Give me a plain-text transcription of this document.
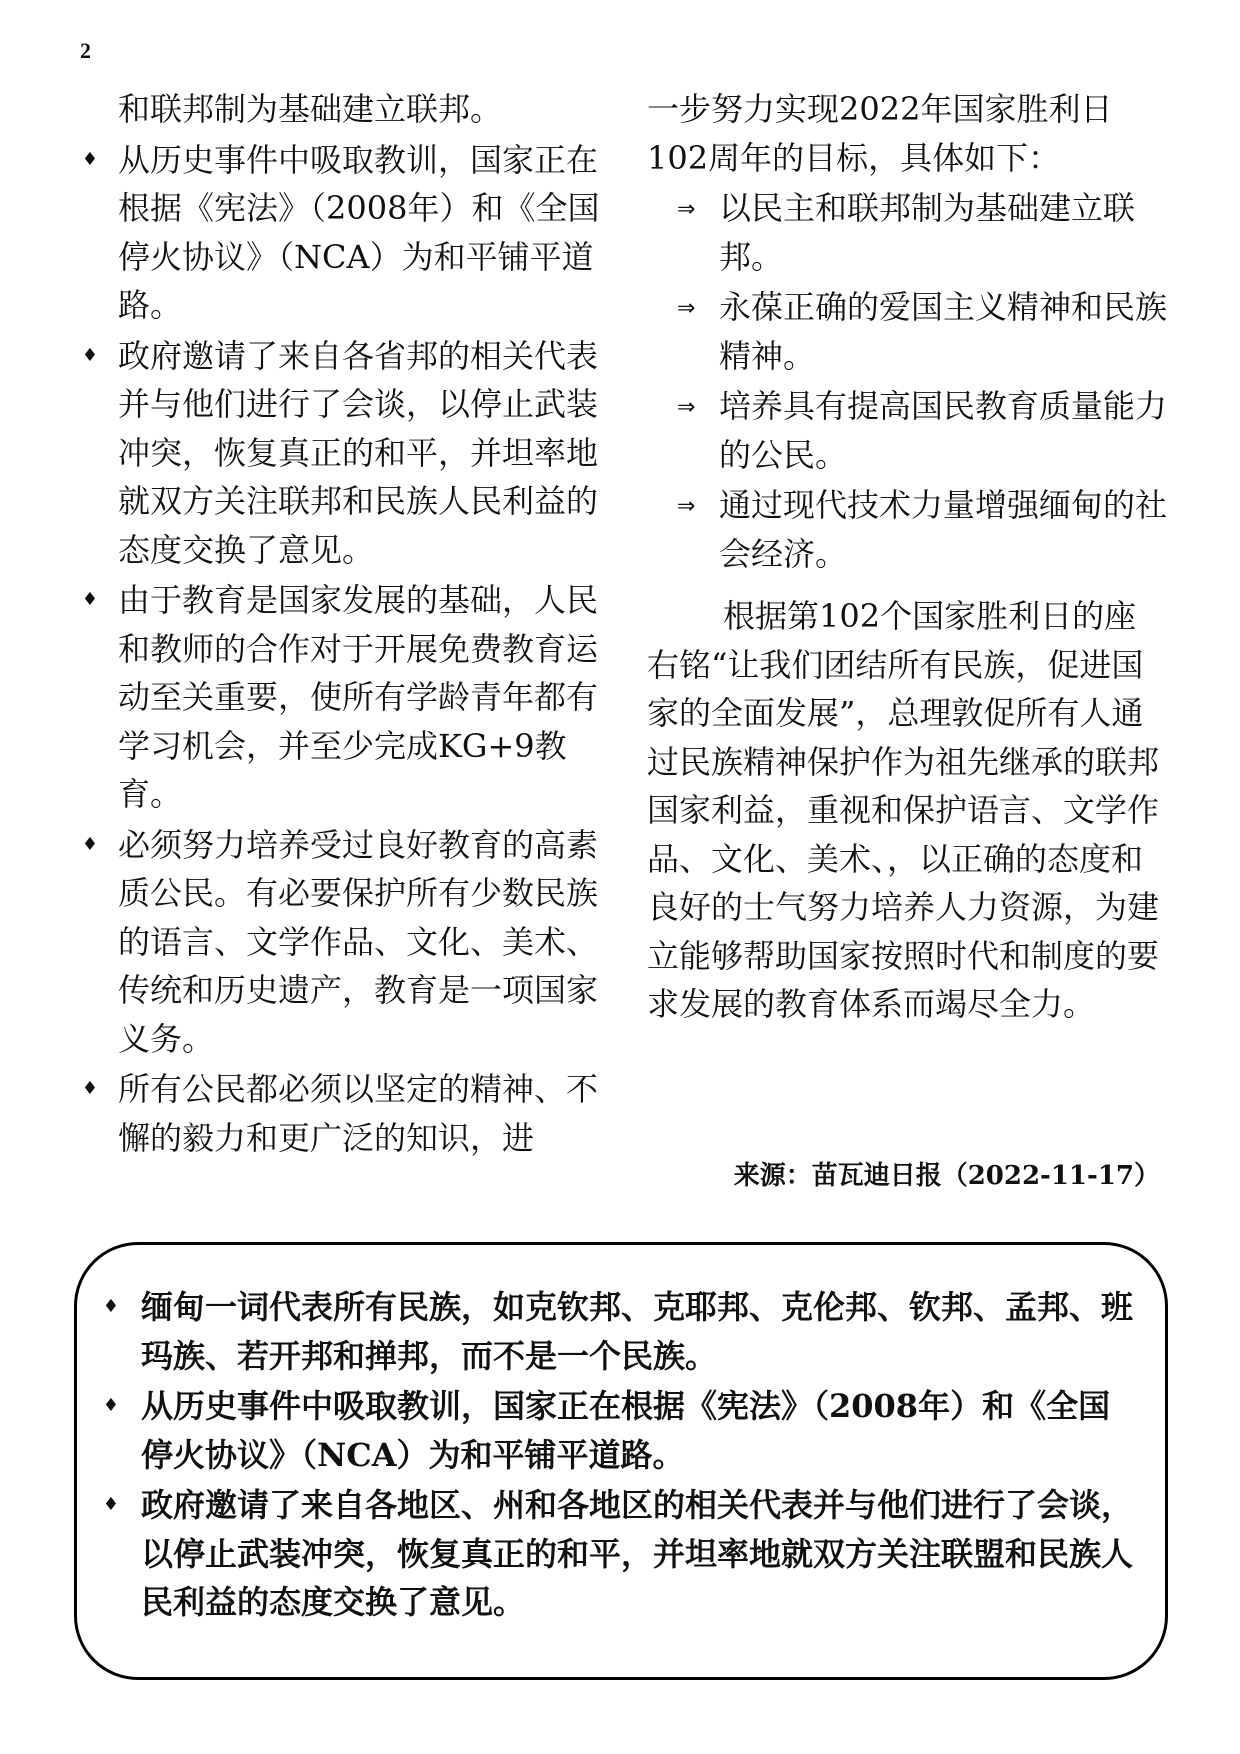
2

和联邦制为基础建立联邦。

♦ 从历史事件中吸取教训，国家正在根据《宪法》（2008年）和《全国停火协议》（NCA）为和平铺平道路。
♦ 政府邀请了来自各省邦的相关代表并与他们进行了会谈，以停止武装冲突，恢复真正的和平，并坦率地就双方关注联邦和民族人民利益的态度交换了意见。
♦ 由于教育是国家发展的基础，人民和教师的合作对于开展免费教育运动至关重要，使所有学龄青年都有学习机会，并至少完成KG+9教育。
♦ 必须努力培养受过良好教育的高素质公民。有必要保护所有少数民族的语言、文学作品、文化、美术、传统和历史遗产，教育是一项国家义务。
♦ 所有公民都必须以坚定的精神、不懈的毅力和更广泛的知识，进

一步努力实现2022年国家胜利日102周年的目标，具体如下：

⇒ 以民主和联邦制为基础建立联邦。
⇒ 永葆正确的爱国主义精神和民族精神。
⇒ 培养具有提高国民教育质量能力的公民。
⇒ 通过现代技术力量增强缅甸的社会经济。

根据第102个国家胜利日的座右铭“让我们团结所有民族，促进国家的全面发展”，总理敦促所有人通过民族精神保护作为祖先继承的联邦国家利益，重视和保护语言、文学作品、文化、美术、，以正确的态度和良好的士气努力培养人力资源，为建立能够帮助国家按照时代和制度的要求发展的教育体系而竭尽全力。

来源：苗瓦迪日报（2022-11-17）
♦ 缅甸一词代表所有民族，如克钦邦、克耶邦、克伦邦、钦邦、孟邦、班玛族、若开邦和掸邦，而不是一个民族。
♦ 从历史事件中吸取教训，国家正在根据《宪法》（2008年）和《全国停火协议》（NCA）为和平铺平道路。
♦ 政府邀请了来自各地区、州和各地区的相关代表并与他们进行了会谈，以停止武装冲突，恢复真正的和平，并坦率地就双方关注联盟和民族人民利益的态度交换了意见。
